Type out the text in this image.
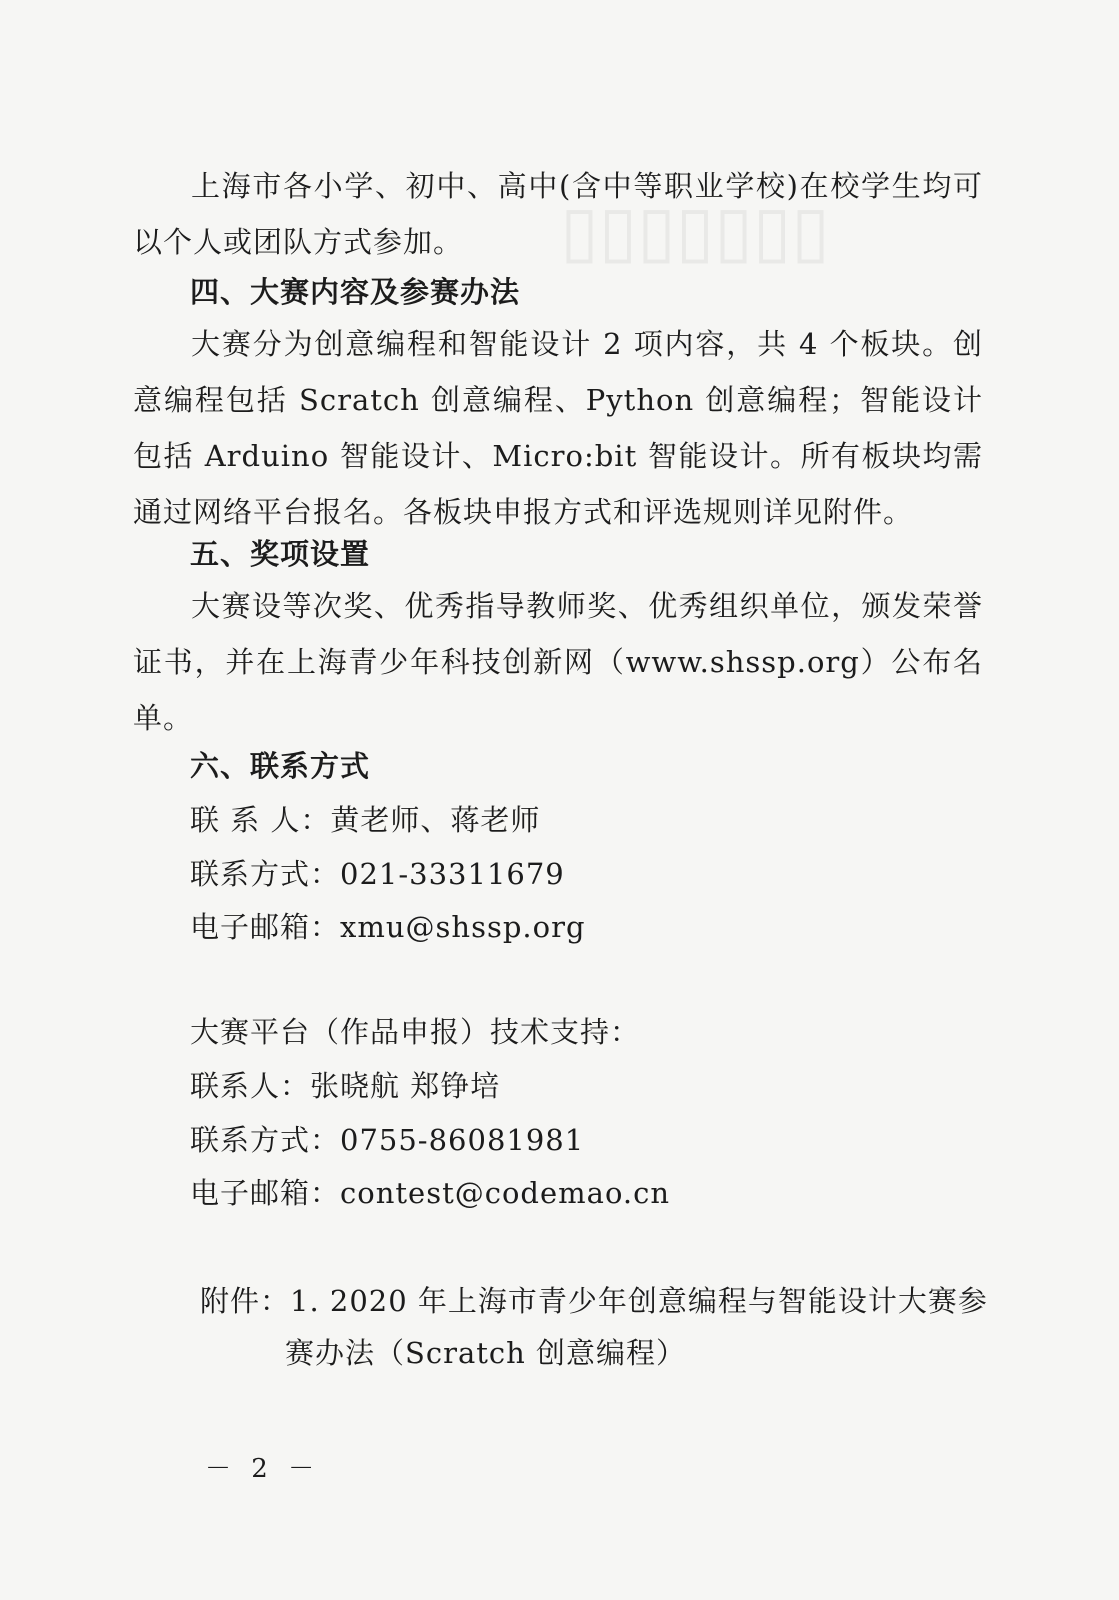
▯▯▯▯▯▯▯
上海市各小学、初中、高中(含中等职业学校)在校学生均可以个人或团队方式参加。
四、大赛内容及参赛办法
大赛分为创意编程和智能设计 2 项内容，共 4 个板块。创意编程包括 Scratch 创意编程、Python 创意编程；智能设计包括 Arduino 智能设计、Micro:bit 智能设计。所有板块均需通过网络平台报名。各板块申报方式和评选规则详见附件。
五、奖项设置
大赛设等次奖、优秀指导教师奖、优秀组织单位，颁发荣誉证书，并在上海青少年科技创新网（www.shssp.org）公布名单。
六、联系方式
联 系 人：黄老师、蒋老师
联系方式：021-33311679
电子邮箱：xmu@shssp.org
大赛平台（作品申报）技术支持：
联系人：张晓航 郑铮培
联系方式：0755-86081981
电子邮箱：contest@codemao.cn
附件：1. 2020 年上海市青少年创意编程与智能设计大赛参
赛办法（Scratch 创意编程）
－ 2 －
